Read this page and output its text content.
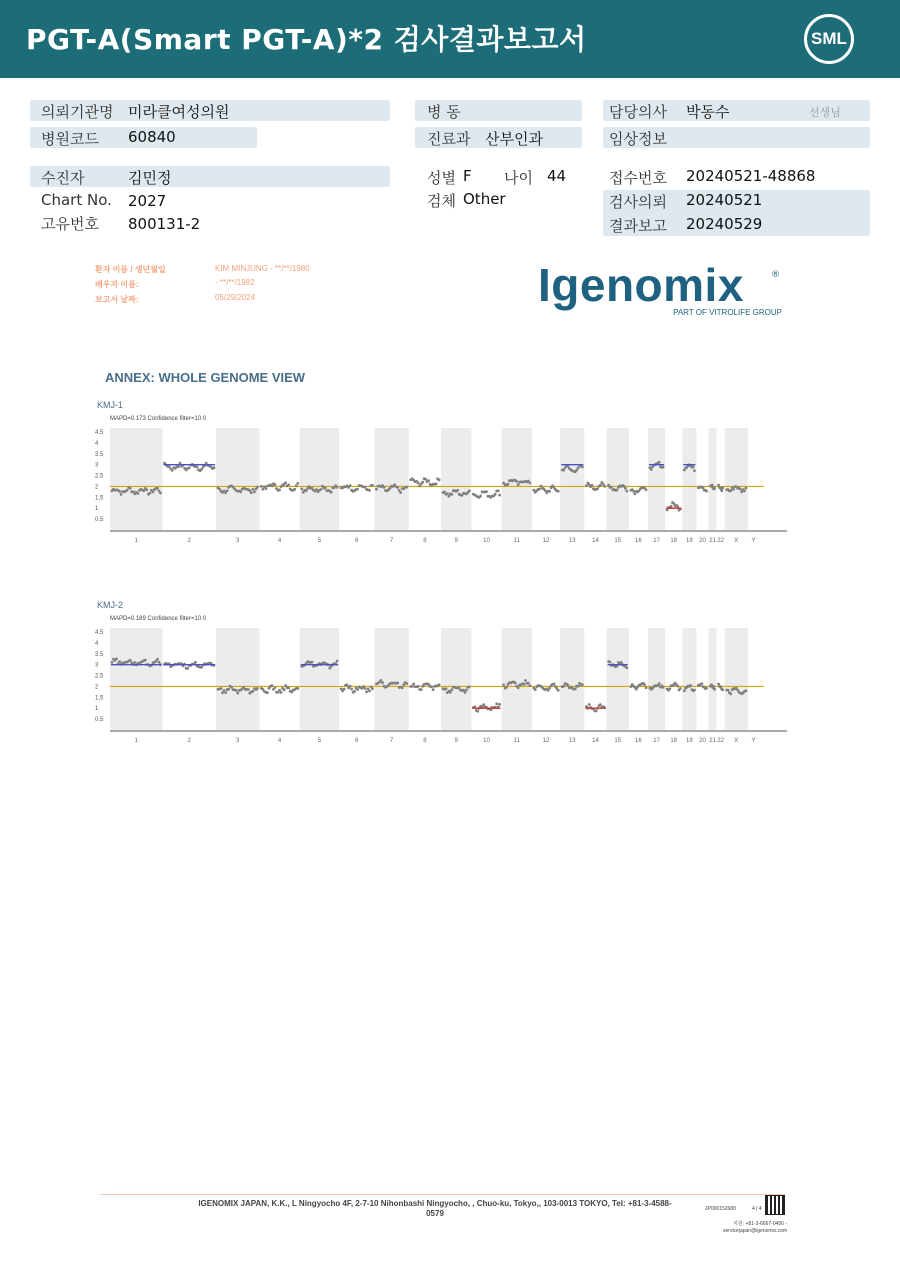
PGT-A(Smart PGT-A)*2 검사결과보고서	SML
의뢰기관명 미라클여성의원
병원코드 60840
병 동
진료과 산부인과
담당의사 박동수	선생님
임상정보
수진자	김민정
Chart No. 2027
고유번호 800131-2
성별 F 나이 44
검체 Other
접수번호 20240521-48868
검사의뢰 20240521
결과보고 20240529
환자 이름 / 생년월일	KIM MINJUNG - **/**/1980
배우자 이름:	- **/**/1982
보고서 날짜:	05/29/2024	Igenomix	®
PART OF VITROLIFE GROUP
ANNEX: WHOLE GENOME VIEW
KMJ-1
MAPD=0.173 Confidence filter=10.0
0.5
1
1.5
2
2.5
3
3.5
4
4.5
1	2	3	4	5	6	7	8	9	10	11	12	13	14	15 16 17 18 19 20 21 22 X Y
KMJ-2
MAPD=0.189 Confidence filter=10.0
0.5
1
1.5
2
2.5
3
3.5
4
4.5
1	2	3	4	5	6	7	8	9	10	11	12	13	14	15 16 17 18 19 20 21 22 X Y
IGENOMIX JAPAN, K.K., L Ningyocho 4F, 2-7-10 Nihonbashi Ningyocho, , Chuo-ku, Tokyo,, 103-0013 TOKYO, Tel: +81-3-4588-0579	JP000152688	4 | 4
지원: +81-3-6667-0456 -
servicejapan@igenomix.com
